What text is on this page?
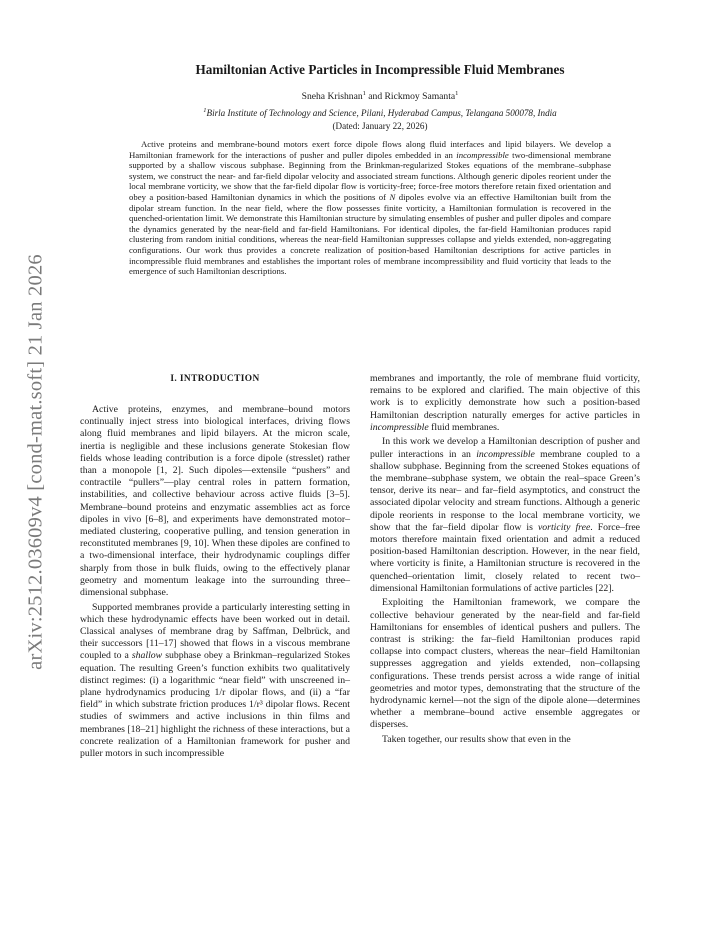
arXiv:2512.03609v4 [cond-mat.soft] 21 Jan 2026
Hamiltonian Active Particles in Incompressible Fluid Membranes
Sneha Krishnan$^1$ and Rickmoy Samanta$^1$
$^1$Birla Institute of Technology and Science, Pilani, Hyderabad Campus, Telangana 500078, India
(Dated: January 22, 2026)
Active proteins and membrane-bound motors exert force dipole flows along fluid interfaces and lipid bilayers. We develop a Hamiltonian framework for the interactions of pusher and puller dipoles embedded in an incompressible two-dimensional membrane supported by a shallow viscous subphase. Beginning from the Brinkman-regularized Stokes equations of the membrane–subphase system, we construct the near- and far-field dipolar velocity and associated stream functions. Although generic dipoles reorient under the local membrane vorticity, we show that the far-field dipolar flow is vorticity-free; force-free motors therefore retain fixed orientation and obey a position-based Hamiltonian dynamics in which the positions of N dipoles evolve via an effective Hamiltonian built from the dipolar stream function. In the near field, where the flow possesses finite vorticity, a Hamiltonian formulation is recovered in the quenched-orientation limit. We demonstrate this Hamiltonian structure by simulating ensembles of pusher and puller dipoles and compare the dynamics generated by the near-field and far-field Hamiltonians. For identical dipoles, the far-field Hamiltonian produces rapid clustering from random initial conditions, whereas the near-field Hamiltonian suppresses collapse and yields extended, non-aggregating configurations. Our work thus provides a concrete realization of position-based Hamiltonian descriptions for active particles in incompressible fluid membranes and establishes the important roles of membrane incompressibility and fluid vorticity that leads to the emergence of such Hamiltonian descriptions.
I. INTRODUCTION

Active proteins, enzymes, and membrane–bound motors continually inject stress into biological interfaces, driving flows along fluid membranes and lipid bilayers. At the micron scale, inertia is negligible and these inclusions generate Stokesian flow fields whose leading contribution is a force dipole (stresslet) rather than a monopole [1, 2]. Such dipoles—extensile “pushers” and contractile “pullers”—play central roles in pattern formation, instabilities, and collective behaviour across active fluids [3–5]. Membrane–bound proteins and enzymatic assemblies act as force dipoles in vivo [6–8], and experiments have demonstrated motor–mediated clustering, cooperative pulling, and tension generation in reconstituted membranes [9, 10]. When these dipoles are confined to a two-dimensional interface, their hydrodynamic couplings differ sharply from those in bulk fluids, owing to the effectively planar geometry and momentum leakage into the surrounding three–dimensional subphase.

Supported membranes provide a particularly interesting setting in which these hydrodynamic effects have been worked out in detail. Classical analyses of membrane drag by Saffman, Delbrück, and their successors [11–17] showed that flows in a viscous membrane coupled to a shallow subphase obey a Brinkman–regularized Stokes equation. The resulting Green’s function exhibits two qualitatively distinct regimes: (i) a logarithmic “near field” with unscreened in–plane hydrodynamics producing 1/r dipolar flows, and (ii) a “far field” in which substrate friction produces 1/r³ dipolar flows. Recent studies of swimmers and active inclusions in thin films and membranes [18–21] highlight the richness of these interactions, but a concrete realization of a Hamiltonian framework for pusher and puller motors in such incompressible

membranes and importantly, the role of membrane fluid vorticity, remains to be explored and clarified. The main objective of this work is to explicitly demonstrate how such a position-based Hamiltonian description naturally emerges for active particles in incompressible fluid membranes.

In this work we develop a Hamiltonian description of pusher and puller interactions in an incompressible membrane coupled to a shallow subphase. Beginning from the screened Stokes equations of the membrane–subphase system, we obtain the real–space Green’s tensor, derive its near– and far–field asymptotics, and construct the associated dipolar velocity and stream functions. Although a generic dipole reorients in response to the local membrane vorticity, we show that the far–field dipolar flow is vorticity free. Force–free motors therefore maintain fixed orientation and admit a reduced position-based Hamiltonian description. However, in the near field, where vorticity is finite, a Hamiltonian structure is recovered in the quenched–orientation limit, closely related to recent two–dimensional Hamiltonian formulations of active particles [22].

Exploiting the Hamiltonian framework, we compare the collective behaviour generated by the near-field and far-field Hamiltonians for ensembles of identical pushers and pullers. The contrast is striking: the far–field Hamiltonian produces rapid collapse into compact clusters, whereas the near–field Hamiltonian suppresses aggregation and yields extended, non–collapsing configurations. These trends persist across a wide range of initial geometries and motor types, demonstrating that the structure of the hydrodynamic kernel—not the sign of the dipole alone—determines whether a membrane–bound active ensemble aggregates or disperses.

Taken together, our results show that even in the
